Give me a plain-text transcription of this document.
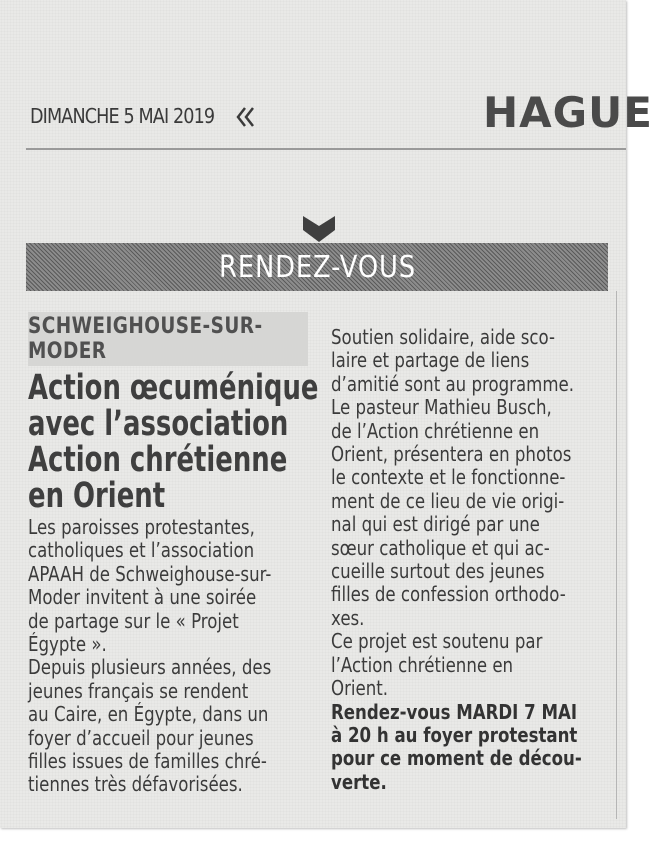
DIMANCHE 5 MAI 2019	HAGUE
RENDEZ-VOUS
SCHWEIGHOUSE-SUR-
MODER
Action œcuménique
avec l’association
Action chrétienne
en Orient
Les paroisses protestantes,
catholiques et l’association
APAAH de Schweighouse-sur-
Moder invitent à une soirée
de partage sur le « Projet
Égypte ».
Depuis plusieurs années, des
jeunes français se rendent
au Caire, en Égypte, dans un
foyer d’accueil pour jeunes
filles issues de familles chré-
tiennes très défavorisées.
Soutien solidaire, aide sco-
laire et partage de liens
d’amitié sont au programme.
Le pasteur Mathieu Busch,
de l’Action chrétienne en
Orient, présentera en photos
le contexte et le fonctionne-
ment de ce lieu de vie origi-
nal qui est dirigé par une
sœur catholique et qui ac-
cueille surtout des jeunes
filles de confession orthodo-
xes.
Ce projet est soutenu par
l’Action chrétienne en
Orient.
Rendez-vous MARDI 7 MAI
à 20 h au foyer protestant
pour ce moment de décou-
verte.
